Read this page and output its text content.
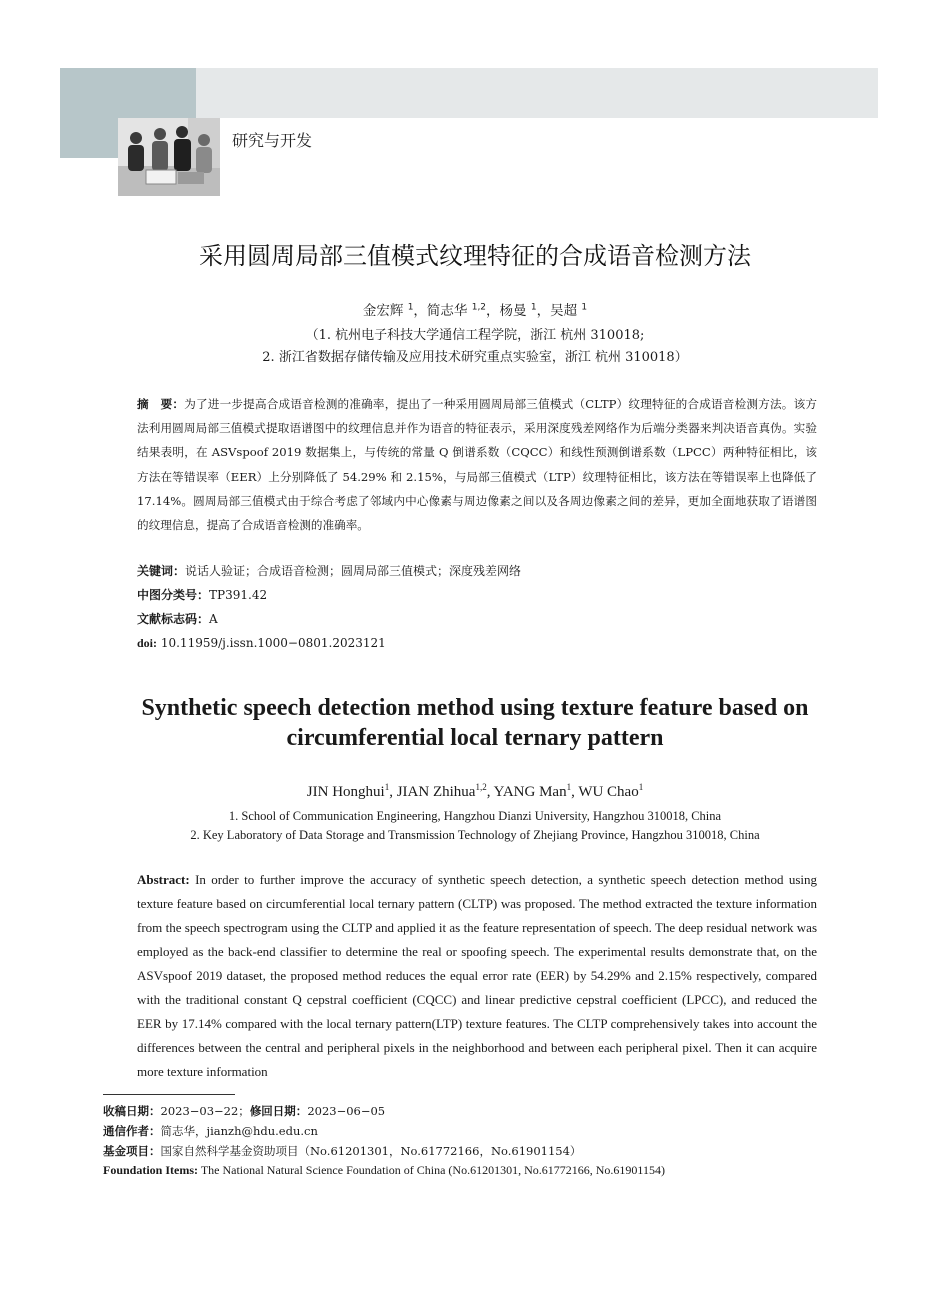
研究与开发
采用圆周局部三值模式纹理特征的合成语音检测方法
金宏辉 $^1$，简志华 $^{1,2}$，杨曼 $^1$，吴超 $^1$
（1. 杭州电子科技大学通信工程学院，浙江 杭州 310018;
2. 浙江省数据存储传输及应用技术研究重点实验室，浙江 杭州 310018）
摘　要：为了进一步提高合成语音检测的准确率，提出了一种采用圆周局部三值模式（CLTP）纹理特征的合成语音检测方法。该方法利用圆周局部三值模式提取语谱图中的纹理信息并作为语音的特征表示，采用深度残差网络作为后端分类器来判决语音真伪。实验结果表明，在 ASVspoof 2019 数据集上，与传统的常量 Q 倒谱系数（CQCC）和线性预测倒谱系数（LPCC）两种特征相比，该方法在等错误率（EER）上分别降低了 54.29% 和 2.15%，与局部三值模式（LTP）纹理特征相比，该方法在等错误率上也降低了 17.14%。圆周局部三值模式由于综合考虑了邻域内中心像素与周边像素之间以及各周边像素之间的差异，更加全面地获取了语谱图的纹理信息，提高了合成语音检测的准确率。
关键词：说话人验证；合成语音检测；圆周局部三值模式；深度残差网络
中图分类号：TP391.42
文献标志码：A
doi: 10.11959/j.issn.1000−0801.2023121
Synthetic speech detection method using texture feature based on
circumferential local ternary pattern
JIN Honghui$^1$, JIAN Zhihua$^{1,2}$, YANG Man$^1$, WU Chao$^1$
1. School of Communication Engineering, Hangzhou Dianzi University, Hangzhou 310018, China
2. Key Laboratory of Data Storage and Transmission Technology of Zhejiang Province, Hangzhou 310018, China
Abstract: In order to further improve the accuracy of synthetic speech detection, a synthetic speech detection method using texture feature based on circumferential local ternary pattern (CLTP) was proposed. The method extracted the texture information from the speech spectrogram using the CLTP and applied it as the feature representation of speech. The deep residual network was employed as the back-end classifier to determine the real or spoofing speech. The experimental results demonstrate that, on the ASVspoof 2019 dataset, the proposed method reduces the equal error rate (EER) by 54.29% and 2.15% respectively, compared with the traditional constant Q cepstral coefficient (CQCC) and linear predictive cepstral coefficient (LPCC), and reduced the EER by 17.14% compared with the local ternary pattern(LTP) texture features. The CLTP comprehensively takes into account the differences between the central and peripheral pixels in the neighborhood and between each peripheral pixel. Then it can acquire more texture information
收稿日期：2023−03−22；修回日期：2023−06−05
通信作者：简志华，jianzh@hdu.edu.cn
基金项目：国家自然科学基金资助项目（No.61201301，No.61772166，No.61901154）
Foundation Items: The National Natural Science Foundation of China (No.61201301, No.61772166, No.61901154)
